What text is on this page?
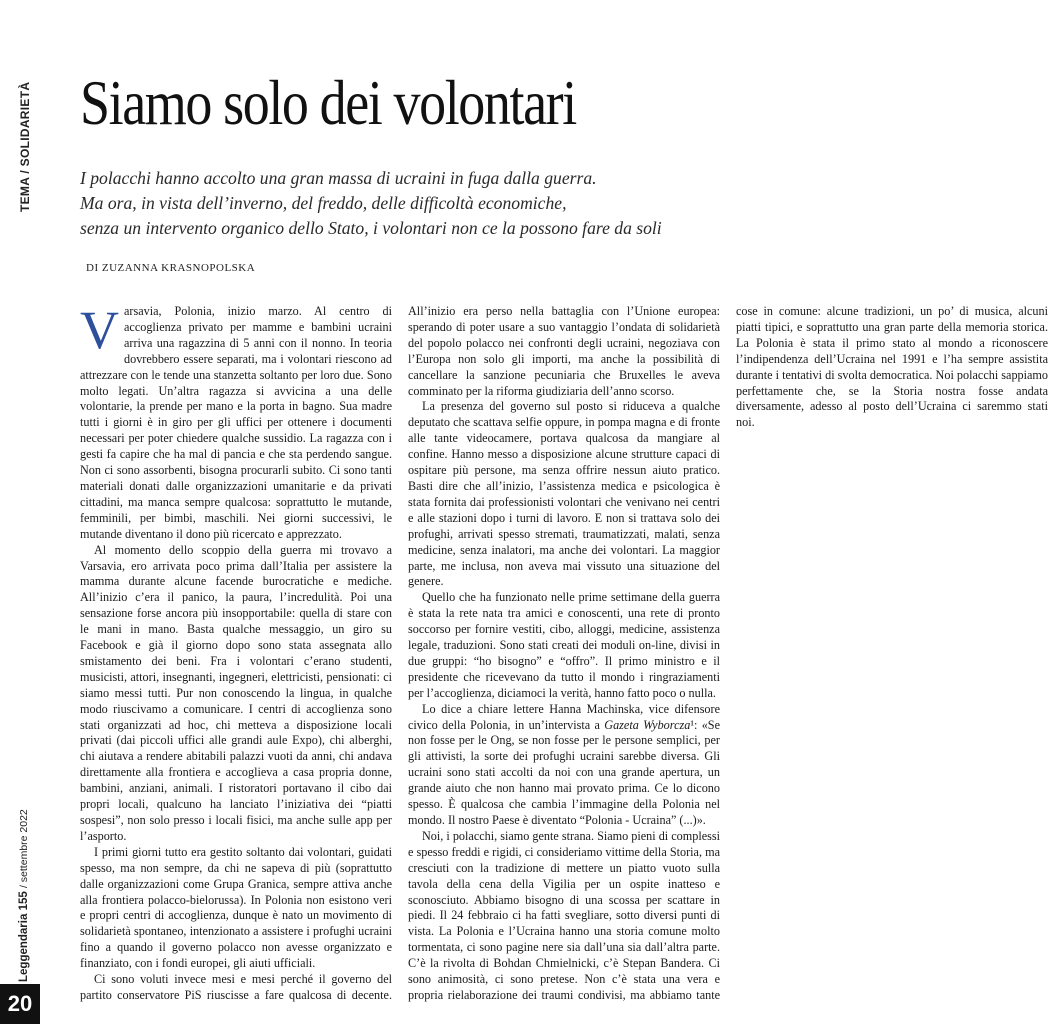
TEMA / SOLIDARIETÀ
Leggendaria 155 / settembre 2022
20
Siamo solo dei volontari
I polacchi hanno accolto una gran massa di ucraini in fuga dalla guerra.
Ma ora, in vista dell’inverno, del freddo, delle difficoltà economiche,
senza un intervento organico dello Stato, i volontari non ce la possono fare da soli
DI ZUZANNA KRASNOPOLSKA

Varsavia, Polonia, inizio marzo. Al centro di accoglienza privato per mamme e bambini ucraini arriva una ragazzina di 5 anni con il nonno. In teoria dovrebbero essere separati, ma i volontari riescono ad attrezzare con le tende una stanzetta soltanto per loro due. Sono molto legati. Un’altra ragazza si avvicina a una delle volontarie, la prende per mano e la porta in bagno. Sua madre tutti i giorni è in giro per gli uffici per ottenere i documenti necessari per poter chiedere qualche sussidio. La ragazza con i gesti fa capire che ha mal di pancia e che sta perdendo sangue. Non ci sono assorbenti, bisogna procurarli subito. Ci sono tanti materiali donati dalle organizzazioni umanitarie e da privati cittadini, ma manca sempre qualcosa: soprattutto le mutande, femminili, per bimbi, maschili. Nei giorni successivi, le mutande diventano il dono più ricercato e apprezzato.

Al momento dello scoppio della guerra mi trovavo a Varsavia, ero arrivata poco prima dall’Italia per assistere la mamma durante alcune facende burocratiche e mediche. All’inizio c’era il panico, la paura, l’incredulità. Poi una sensazione forse ancora più insopportabile: quella di stare con le mani in mano. Basta qualche messaggio, un giro su Facebook e già il giorno dopo sono stata assegnata allo smistamento dei beni. Fra i volontari c’erano studenti, musicisti, attori, insegnanti, ingegneri, elettricisti, pensionati: ci siamo messi tutti. Pur non conoscendo la lingua, in qualche modo riuscivamo a comunicare. I centri di accoglienza sono stati organizzati ad hoc, chi metteva a disposizione locali privati (dai piccoli uffici alle grandi aule Expo), chi alberghi, chi aiutava a rendere abitabili palazzi vuoti da anni, chi andava direttamente alla frontiera e accoglieva a casa propria donne, bambini, anziani, animali. I ristoratori portavano il cibo dai propri locali, qualcuno ha lanciato l’iniziativa dei “piatti sospesi”, non solo presso i locali fisici, ma anche sulle app per l’asporto.

I primi giorni tutto era gestito soltanto dai volontari, guidati spesso, ma non sempre, da chi ne sapeva di più (soprattutto dalle organizzazioni come Grupa Granica, sempre attiva anche alla frontiera polacco-bielorussa). In Polonia non esistono veri e propri centri di accoglienza, dunque è nato un movimento di solidarietà spontaneo, intenzionato a assistere i profughi ucraini fino a quando il governo polacco non avesse organizzato e finanziato, con i fondi europei, gli aiuti ufficiali.

Ci sono voluti invece mesi e mesi perché il governo del partito conservatore PiS riuscisse a fare qualcosa di decente. All’inizio era perso nella battaglia con l’Unione europea: sperando di poter usare a suo vantaggio l’ondata di solidarietà del popolo polacco nei confronti degli ucraini, negoziava con l’Europa non solo gli importi, ma anche la possibilità di cancellare la sanzione pecuniaria che Bruxelles le aveva comminato per la riforma giudiziaria dell’anno scorso.

La presenza del governo sul posto si riduceva a qualche deputato che scattava selfie oppure, in pompa magna e di fronte alle tante videocamere, portava qualcosa da mangiare al confine. Hanno messo a disposizione alcune strutture capaci di ospitare più persone, ma senza offrire nessun aiuto pratico. Basti dire che all’inizio, l’assistenza medica e psicologica è stata fornita dai professionisti volontari che venivano nei centri e alle stazioni dopo i turni di lavoro. E non si trattava solo dei profughi, arrivati spesso stremati, traumatizzati, malati, senza medicine, senza inalatori, ma anche dei volontari. La maggior parte, me inclusa, non aveva mai vissuto una situazione del genere.

Quello che ha funzionato nelle prime settimane della guerra è stata la rete nata tra amici e conoscenti, una rete di pronto soccorso per fornire vestiti, cibo, alloggi, medicine, assistenza legale, traduzioni. Sono stati creati dei moduli on-line, divisi in due gruppi: “ho bisogno” e “offro”. Il primo ministro e il presidente che ricevevano da tutto il mondo i ringraziamenti per l’accoglienza, diciamoci la verità, hanno fatto poco o nulla.

Lo dice a chiare lettere Hanna Machinska, vice difensore civico della Polonia, in un’intervista a Gazeta Wyborcza¹: «Se non fosse per le Ong, se non fosse per le persone semplici, per gli attivisti, la sorte dei profughi ucraini sarebbe diversa. Gli ucraini sono stati accolti da noi con una grande apertura, un grande aiuto che non hanno mai provato prima. Ce lo dicono spesso. È qualcosa che cambia l’immagine della Polonia nel mondo. Il nostro Paese è diventato “Polonia - Ucraina” (...)».

Noi, i polacchi, siamo gente strana. Siamo pieni di complessi e spesso freddi e rigidi, ci consideriamo vittime della Storia, ma cresciuti con la tradizione di mettere un piatto vuoto sulla tavola della cena della Vigilia per un ospite inatteso e sconosciuto. Abbiamo bisogno di una scossa per scattare in piedi. Il 24 febbraio ci ha fatti svegliare, sotto diversi punti di vista. La Polonia e l’Ucraina hanno una storia comune molto tormentata, ci sono pagine nere sia dall’una sia dall’altra parte. C’è la rivolta di Bohdan Chmielnicki, c’è Stepan Bandera. Ci sono animosità, ci sono pretese. Non c’è stata una vera e propria rielaborazione dei traumi condivisi, ma abbiamo tante cose in comune: alcune tradizioni, un po’ di musica, alcuni piatti tipici, e soprattutto una gran parte della memoria storica. La Polonia è stata il primo stato al mondo a riconoscere l’indipendenza dell’Ucraina nel 1991 e l’ha sempre assistita durante i tentativi di svolta democratica. Noi polacchi sappiamo perfettamente che, se la Storia nostra fosse andata diversamente, adesso al posto dell’Ucraina ci saremmo stati noi.
